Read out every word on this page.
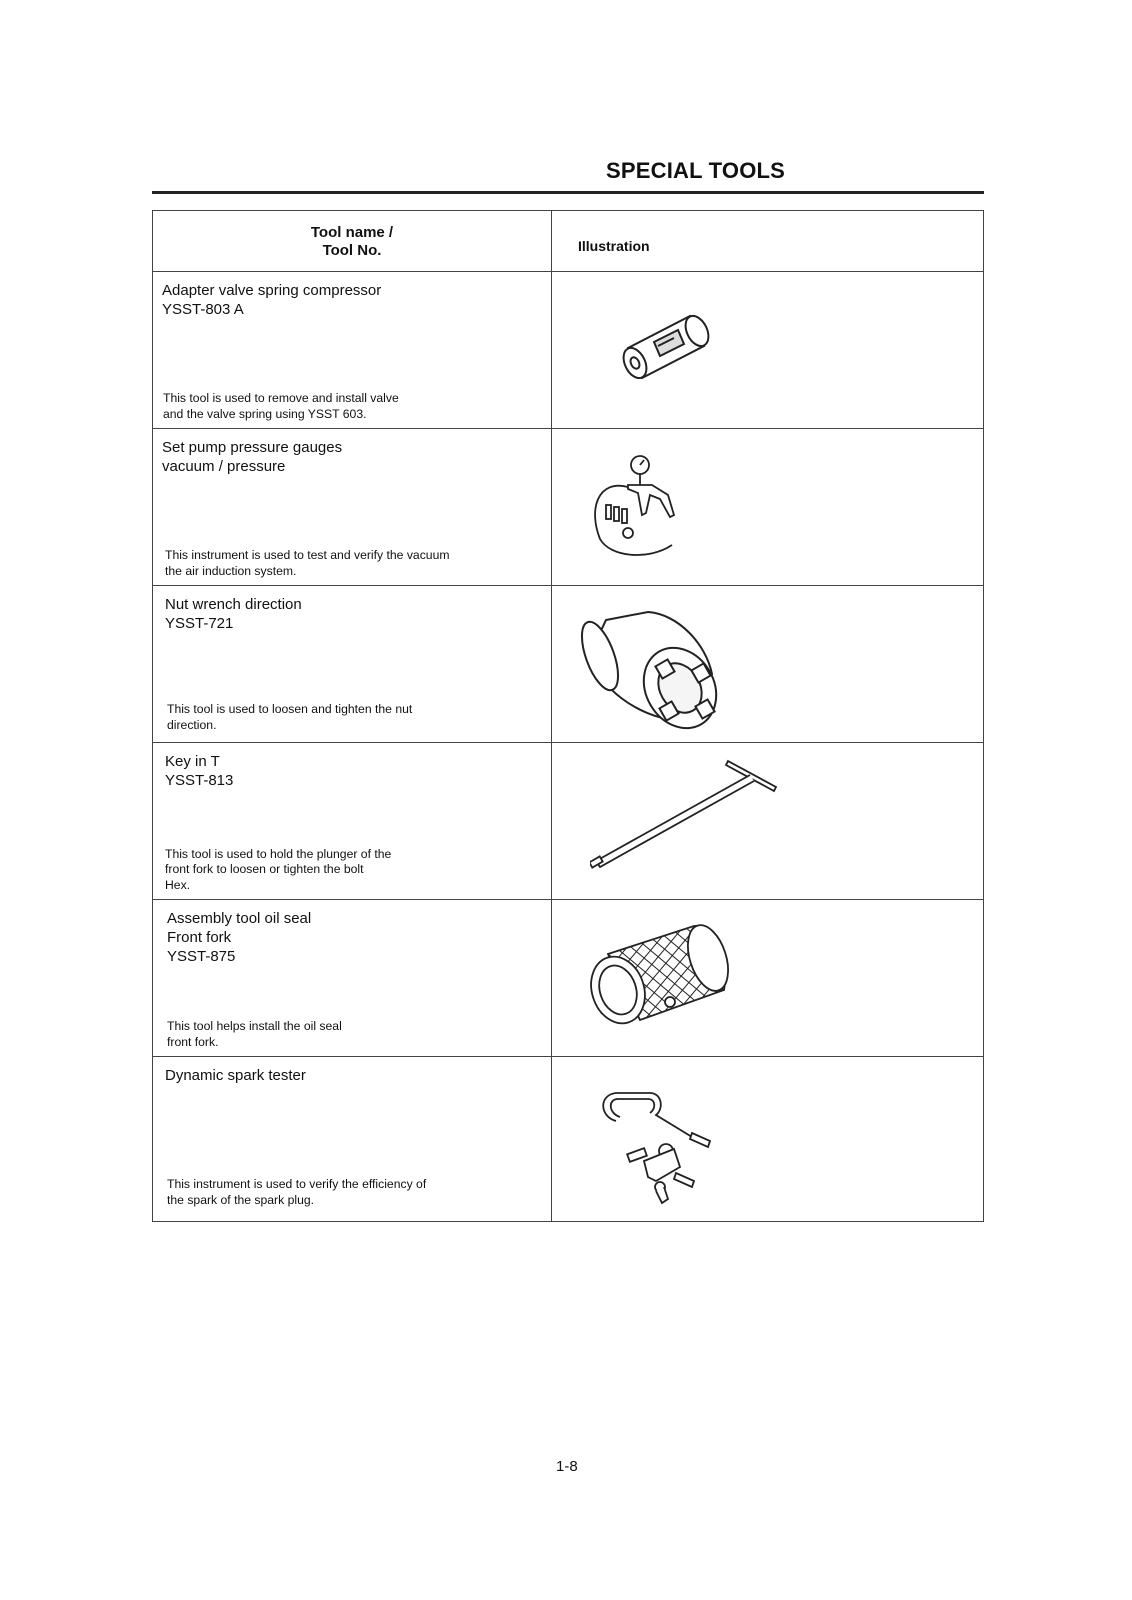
SPECIAL TOOLS
Tool name /
Tool No.	Illustration

Adapter valve spring compressor
YSST-803 A
This tool is used to remove and install valve
and the valve spring using YSST 603.

Set pump pressure gauges
vacuum / pressure
This instrument is used to test and verify the vacuum
the air induction system.

Nut wrench direction
YSST-721
This tool is used to loosen and tighten the nut
direction.

Key in T
YSST-813
This tool is used to hold the plunger of the
front fork to loosen or tighten the bolt
Hex.

Assembly tool oil seal
Front fork
YSST-875
This tool helps install the oil seal
front fork.

Dynamic spark tester
This instrument is used to verify the efficiency of
the spark of the spark plug.

1-8
